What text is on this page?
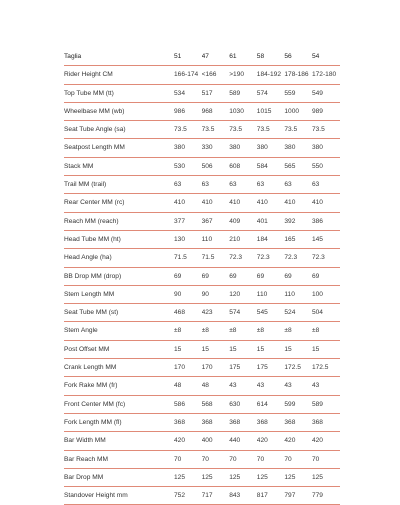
Taglia	51	47	61	58	56	54
Rider Height CM	166-174	<166	>190	184-192	178-186	172-180
Top Tube MM (tt)	534	517	589	574	559	549
Wheelbase MM (wb)	986	968	1030	1015	1000	989
Seat Tube Angle (sa)	73.5	73.5	73.5	73.5	73.5	73.5
Seatpost Length MM	380	330	380	380	380	380
Stack MM	530	506	608	584	565	550
Trail MM (trail)	63	63	63	63	63	63
Rear Center MM (rc)	410	410	410	410	410	410
Reach MM (reach)	377	367	409	401	392	386
Head Tube MM (ht)	130	110	210	184	165	145
Head Angle (ha)	71.5	71.5	72.3	72.3	72.3	72.3
BB Drop MM (drop)	69	69	69	69	69	69
Stem Length MM	90	90	120	110	110	100
Seat Tube MM (st)	468	423	574	545	524	504
Stem Angle	±8	±8	±8	±8	±8	±8
Post Offset MM	15	15	15	15	15	15
Crank Length MM	170	170	175	175	172.5	172.5
Fork Rake MM (fr)	48	48	43	43	43	43
Front Center MM (fc)	586	568	630	614	599	589
Fork Length MM (fl)	368	368	368	368	368	368
Bar Width MM	420	400	440	420	420	420
Bar Reach MM	70	70	70	70	70	70
Bar Drop MM	125	125	125	125	125	125
Standover Height mm	752	717	843	817	797	779
